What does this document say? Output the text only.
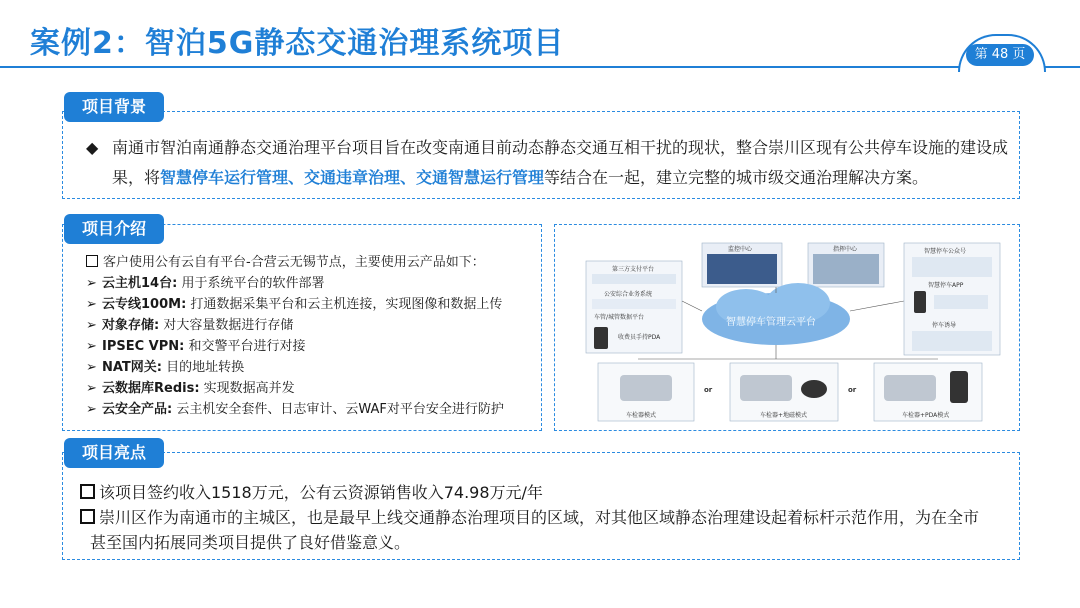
案例2：智泊5G静态交通治理系统项目	第 48 页
项目背景
◆ 南通市智泊南通静态交通治理平台项目旨在改变南通目前动态静态交通互相干扰的现状，整合崇川区现有公共停车设施的建设成果，将智慧停车运行管理、交通违章治理、交通智慧运行管理等结合在一起，建立完整的城市级交通治理解决方案。
项目介绍
客户使用公有云自有平台-合营云无锡节点，主要使用云产品如下：
➢ 云主机14台: 用于系统平台的软件部署
➢ 云专线100M: 打通数据采集平台和云主机连接，实现图像和数据上传
➢ 对象存储: 对大容量数据进行存储
➢ IPSEC VPN: 和交警平台进行对接
➢ NAT网关: 目的地址转换
➢ 云数据库Redis: 实现数据高并发
➢ 云安全产品: 云主机安全套件、日志审计、云WAF对平台安全进行防护
监控中心	指挥中心
第三方支付平台
公安综合业务系统
车管/城管数据平台
收费员手持PDA
智慧停车管理云平台
智慧停车公众号
智慧停车APP
停车诱导
车检器模式
or
车检器+地磁模式
or
车检器+PDA模式
项目亮点
该项目签约收入1518万元，公有云资源销售收入74.98万元/年
崇川区作为南通市的主城区，也是最早上线交通静态治理项目的区域，对其他区域静态治理建设起着标杆示范作用，为在全市
甚至国内拓展同类项目提供了良好借鉴意义。
